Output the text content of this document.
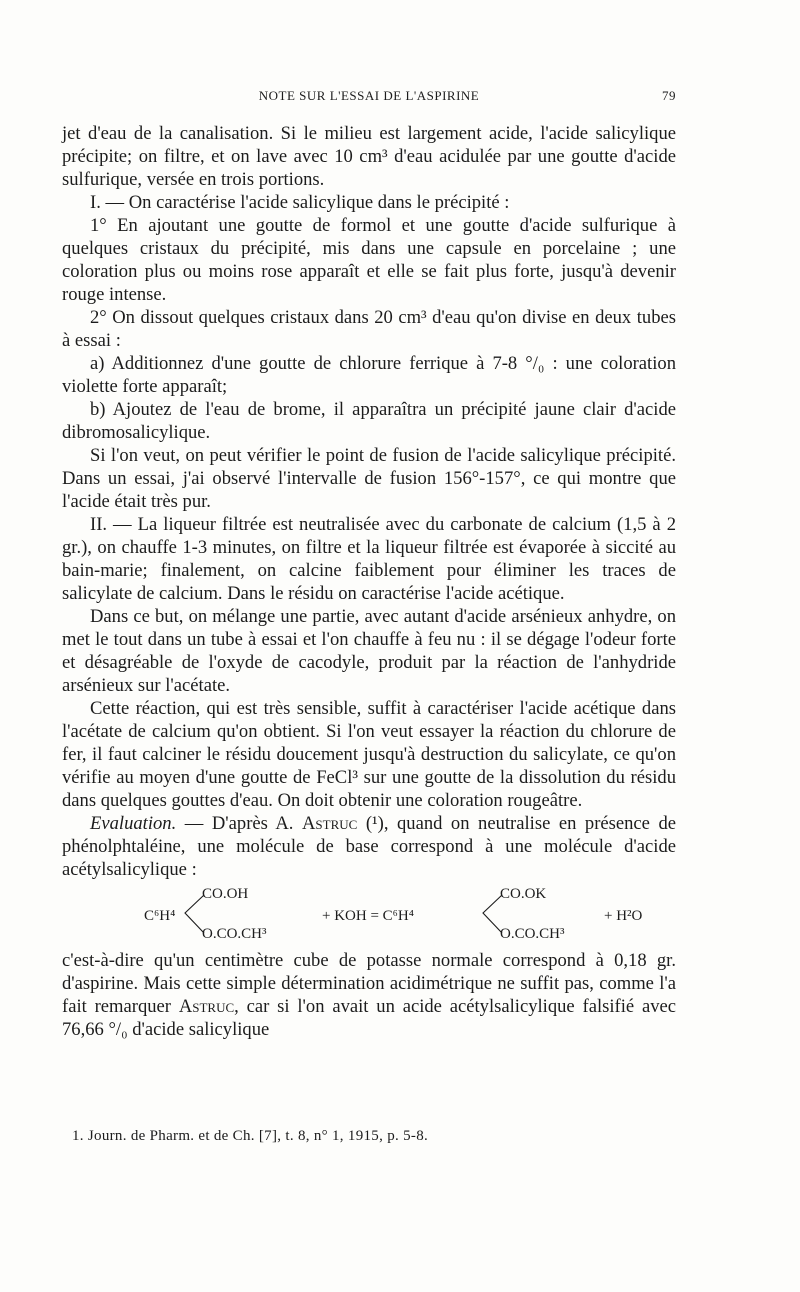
NOTE SUR L'ESSAI DE L'ASPIRINE	79

jet d'eau de la canalisation. Si le milieu est largement acide, l'acide salicylique précipite; on filtre, et on lave avec 10 cm³ d'eau acidulée par une goutte d'acide sulfurique, versée en trois portions.

I. — On caractérise l'acide salicylique dans le précipité :

1° En ajoutant une goutte de formol et une goutte d'acide sulfurique à quelques cristaux du précipité, mis dans une capsule en porcelaine ; une coloration plus ou moins rose apparaît et elle se fait plus forte, jusqu'à devenir rouge intense.

2° On dissout quelques cristaux dans 20 cm³ d'eau qu'on divise en deux tubes à essai :

a) Additionnez d'une goutte de chlorure ferrique à 7-8 °/₀ : une coloration violette forte apparaît;

b) Ajoutez de l'eau de brome, il apparaîtra un précipité jaune clair d'acide dibromosalicylique.

Si l'on veut, on peut vérifier le point de fusion de l'acide salicylique précipité. Dans un essai, j'ai observé l'intervalle de fusion 156°-157°, ce qui montre que l'acide était très pur.

II. — La liqueur filtrée est neutralisée avec du carbonate de calcium (1,5 à 2 gr.), on chauffe 1-3 minutes, on filtre et la liqueur filtrée est évaporée à siccité au bain-marie; finalement, on calcine faiblement pour éliminer les traces de salicylate de calcium. Dans le résidu on caractérise l'acide acétique.

Dans ce but, on mélange une partie, avec autant d'acide arsénieux anhydre, on met le tout dans un tube à essai et l'on chauffe à feu nu : il se dégage l'odeur forte et désagréable de l'oxyde de cacodyle, produit par la réaction de l'anhydride arsénieux sur l'acétate.

Cette réaction, qui est très sensible, suffit à caractériser l'acide acétique dans l'acétate de calcium qu'on obtient. Si l'on veut essayer la réaction du chlorure de fer, il faut calciner le résidu doucement jusqu'à destruction du salicylate, ce qu'on vérifie au moyen d'une goutte de FeCl³ sur une goutte de la dissolution du résidu dans quelques gouttes d'eau. On doit obtenir une coloration rougeâtre.

Evaluation. — D'après A. Astruc (¹), quand on neutralise en présence de phénolphtaléine, une molécule de base correspond à une molécule d'acide acétylsalicylique :

C⁶H⁴
CO.OH
O.CO.CH³
+ KOH = C⁶H⁴
CO.OK
O.CO.CH³
+ H²O

c'est-à-dire qu'un centimètre cube de potasse normale correspond à 0,18 gr. d'aspirine. Mais cette simple détermination acidimétrique ne suffit pas, comme l'a fait remarquer Astruc, car si l'on avait un acide acétylsalicylique falsifié avec 76,66 °/₀ d'acide salicylique

1. Journ. de Pharm. et de Ch. [7], t. 8, n° 1, 1915, p. 5-8.
